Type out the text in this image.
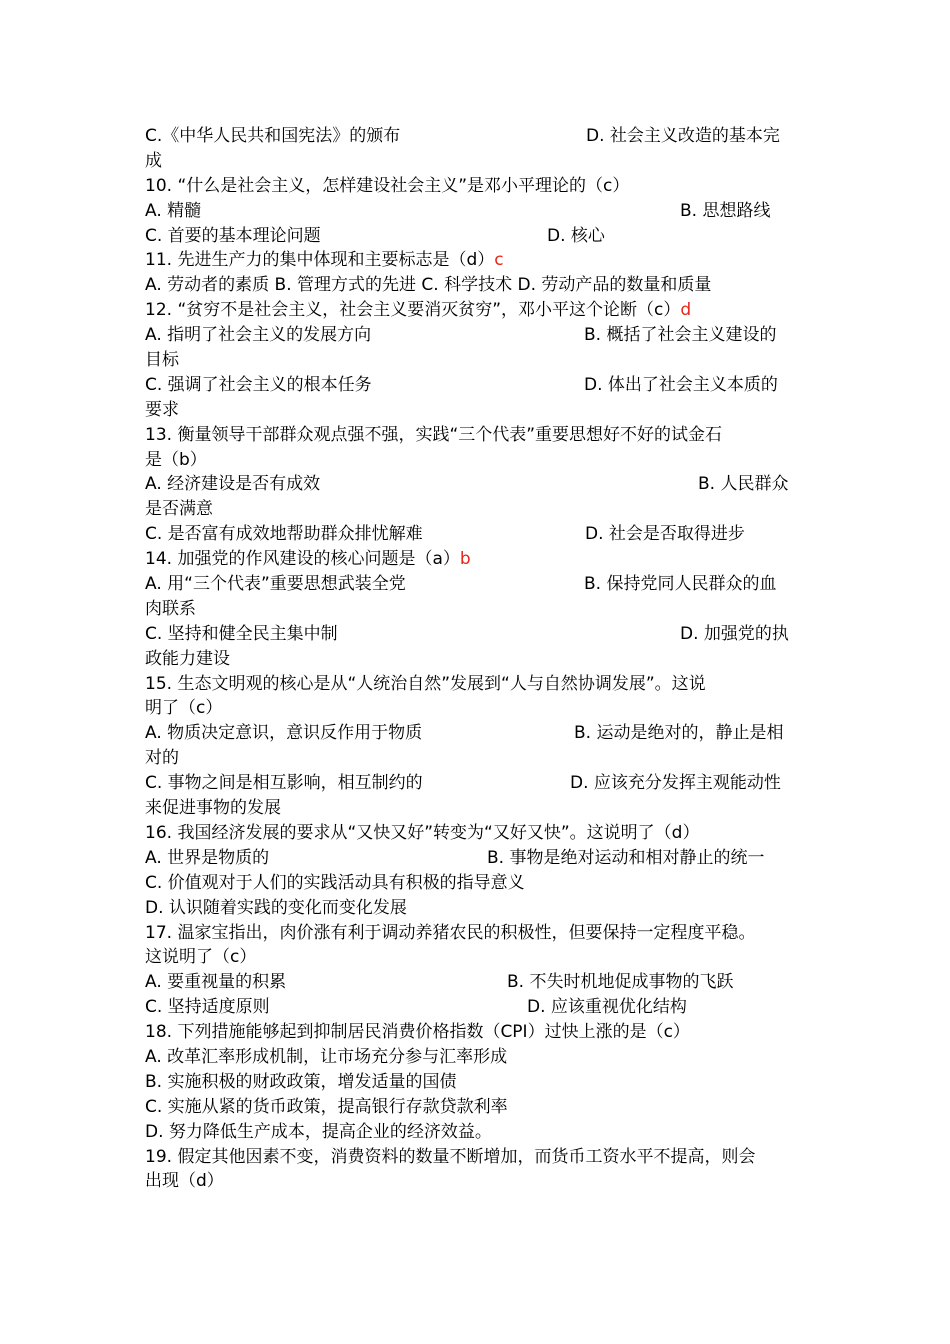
C.《中华人民共和国宪法》的颁布	D. 社会主义改造的基本完
成
10. “什么是社会主义，怎样建设社会主义”是邓小平理论的（c）
A. 精髓	B. 思想路线
C. 首要的基本理论问题	D. 核心
11. 先进生产力的集中体现和主要标志是（d）c
A. 劳动者的素质 B. 管理方式的先进 C. 科学技术 D. 劳动产品的数量和质量
12. “贫穷不是社会主义，社会主义要消灭贫穷”，邓小平这个论断（c）d
A. 指明了社会主义的发展方向	B. 概括了社会主义建设的
目标
C. 强调了社会主义的根本任务	D. 体出了社会主义本质的
要求
13. 衡量领导干部群众观点强不强，实践“三个代表”重要思想好不好的试金石
是（b）
A. 经济建设是否有成效	B. 人民群众
是否满意
C. 是否富有成效地帮助群众排忧解难	D. 社会是否取得进步
14. 加强党的作风建设的核心问题是（a）b
A. 用“三个代表”重要思想武装全党	B. 保持党同人民群众的血
肉联系
C. 坚持和健全民主集中制	D. 加强党的执
政能力建设
15. 生态文明观的核心是从“人统治自然”发展到“人与自然协调发展”。这说
明了（c）
A. 物质决定意识，意识反作用于物质	B. 运动是绝对的，静止是相
对的
C. 事物之间是相互影响，相互制约的	D. 应该充分发挥主观能动性
来促进事物的发展
16. 我国经济发展的要求从“又快又好”转变为“又好又快”。这说明了（d）
A. 世界是物质的	B. 事物是绝对运动和相对静止的统一
C. 价值观对于人们的实践活动具有积极的指导意义
D. 认识随着实践的变化而变化发展
17. 温家宝指出，肉价涨有利于调动养猪农民的积极性，但要保持一定程度平稳。
这说明了（c）
A. 要重视量的积累	B. 不失时机地促成事物的飞跃
C. 坚持适度原则	D. 应该重视优化结构
18. 下列措施能够起到抑制居民消费价格指数（CPI）过快上涨的是（c）
A. 改革汇率形成机制，让市场充分参与汇率形成
B. 实施积极的财政政策，增发适量的国债
C. 实施从紧的货币政策，提高银行存款贷款利率
D. 努力降低生产成本，提高企业的经济效益。
19. 假定其他因素不变，消费资料的数量不断增加，而货币工资水平不提高，则会
出现（d）
